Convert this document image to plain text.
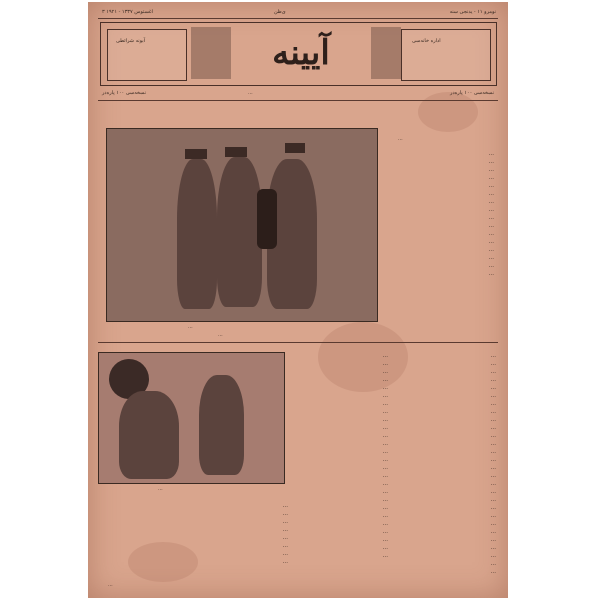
۳ اغستوس ۱۳۳۷ - ۱۹۲۱	ی‌ظن	نومرو ۱۱ - یدنجی سنه
آبونه شرائطی	آیینه	اداره خانه‌سی
نسخه‌سی ۱۰۰ پاره‌در	...	نسخه‌سی ۱۰۰ پاره‌در
...
...
...
...
...
...
...
...
...
...
...
...
...
...
...
...
...
...
...
...
...
...
...
...
...
...
...
...
...
...
...
...
...
...
...
...
...
...
...
...
...
...
...
...
...
...
...
...
...
...
...
...
...
...
...
...
...
...
...
...
...
...
...
...
...
...
...
...
...
...
...
...
...
...
...
...
...
...
...
...
...
...
...
